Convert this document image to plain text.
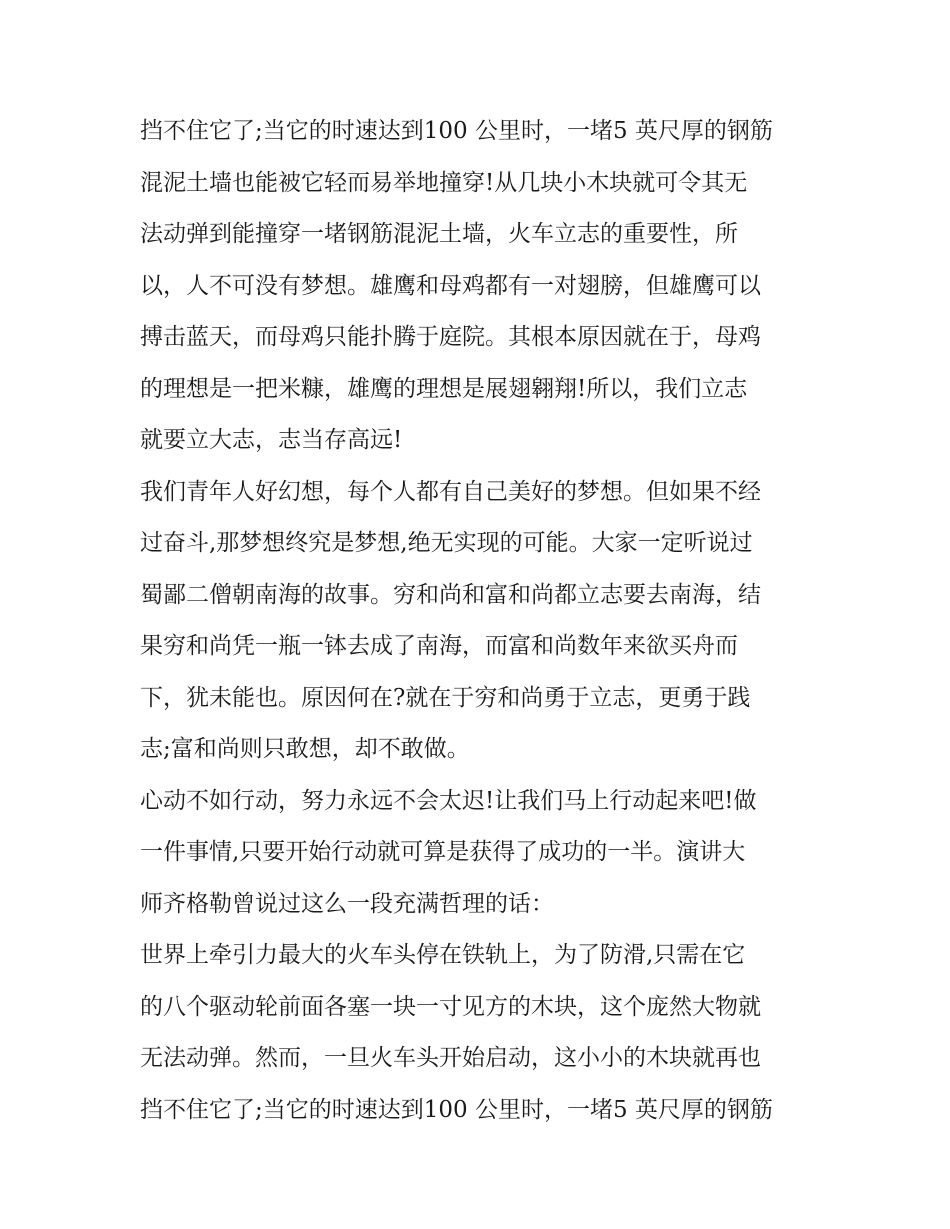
挡不住它了;当它的时速达到100 公里时，一堵5 英尺厚的钢筋
混泥土墙也能被它轻而易举地撞穿!从几块小木块就可令其无
法动弹到能撞穿一堵钢筋混泥土墙，火车立志的重要性，所
以，人不可没有梦想。雄鹰和母鸡都有一对翅膀，但雄鹰可以
搏击蓝天，而母鸡只能扑腾于庭院。其根本原因就在于，母鸡
的理想是一把米糠，雄鹰的理想是展翅翱翔!所以，我们立志
就要立大志，志当存高远!
我们青年人好幻想，每个人都有自己美好的梦想。但如果不经
过奋斗,那梦想终究是梦想,绝无实现的可能。大家一定听说过
蜀鄙二僧朝南海的故事。穷和尚和富和尚都立志要去南海，结
果穷和尚凭一瓶一钵去成了南海，而富和尚数年来欲买舟而
下，犹未能也。原因何在?就在于穷和尚勇于立志，更勇于践
志;富和尚则只敢想，却不敢做。
心动不如行动，努力永远不会太迟!让我们马上行动起来吧!做
一件事情,只要开始行动就可算是获得了成功的一半。演讲大
师齐格勒曾说过这么一段充满哲理的话：
世界上牵引力最大的火车头停在铁轨上，为了防滑,只需在它
的八个驱动轮前面各塞一块一寸见方的木块，这个庞然大物就
无法动弹。然而，一旦火车头开始启动，这小小的木块就再也
挡不住它了;当它的时速达到100 公里时，一堵5 英尺厚的钢筋
